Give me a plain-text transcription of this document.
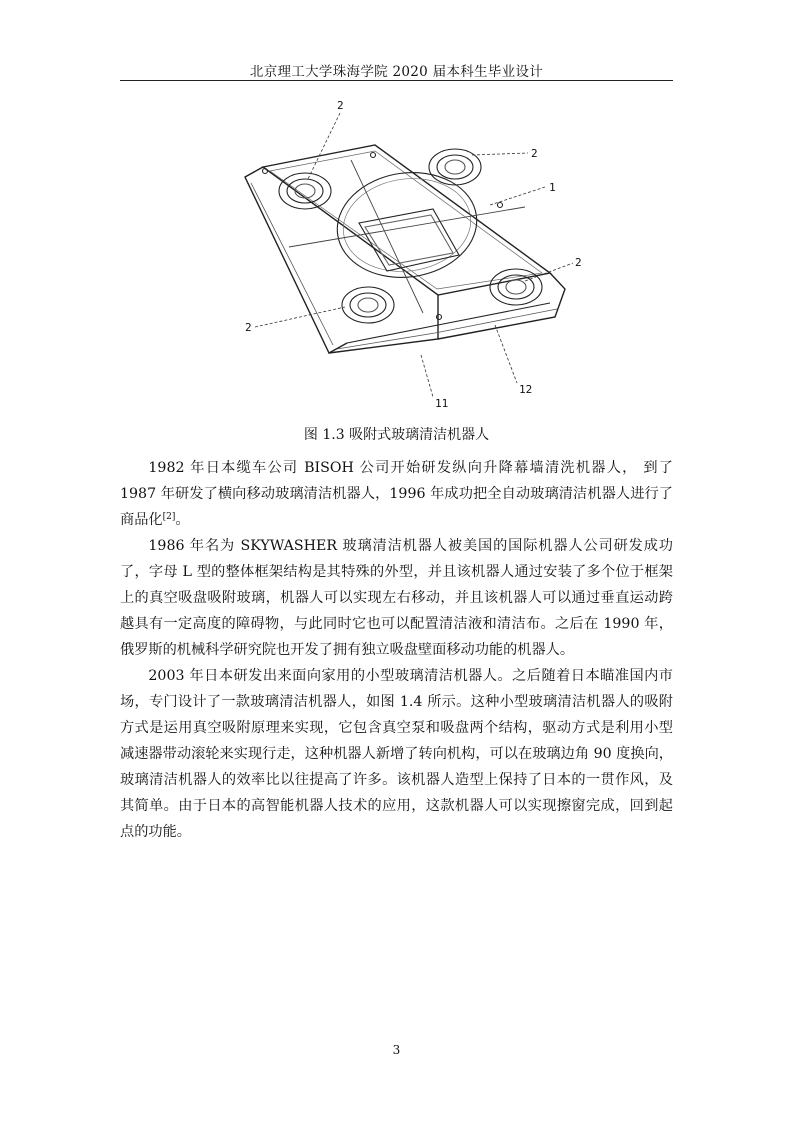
北京理工大学珠海学院 2020 届本科生毕业设计
2
2
1
2
2
11
12
图 1.3 吸附式玻璃清洁机器人

1982 年日本缆车公司 BISOH 公司开始研发纵向升降幕墙清洗机器人， 到了 1987 年研发了横向移动玻璃清洁机器人，1996 年成功把全自动玻璃清洁机器人进行了商品化[2]。

1986 年名为 SKYWASHER 玻璃清洁机器人被美国的国际机器人公司研发成功了，字母 L 型的整体框架结构是其特殊的外型，并且该机器人通过安装了多个位于框架上的真空吸盘吸附玻璃，机器人可以实现左右移动，并且该机器人可以通过垂直运动跨越具有一定高度的障碍物，与此同时它也可以配置清洁液和清洁布。之后在 1990 年，俄罗斯的机械科学研究院也开发了拥有独立吸盘壁面移动功能的机器人。

2003 年日本研发出来面向家用的小型玻璃清洁机器人。之后随着日本瞄准国内市场，专门设计了一款玻璃清洁机器人，如图 1.4 所示。这种小型玻璃清洁机器人的吸附方式是运用真空吸附原理来实现，它包含真空泵和吸盘两个结构，驱动方式是利用小型减速器带动滚轮来实现行走，这种机器人新增了转向机构，可以在玻璃边角 90 度换向，玻璃清洁机器人的效率比以往提高了许多。该机器人造型上保持了日本的一贯作风，及其简单。由于日本的高智能机器人技术的应用，这款机器人可以实现擦窗完成，回到起点的功能。

3
